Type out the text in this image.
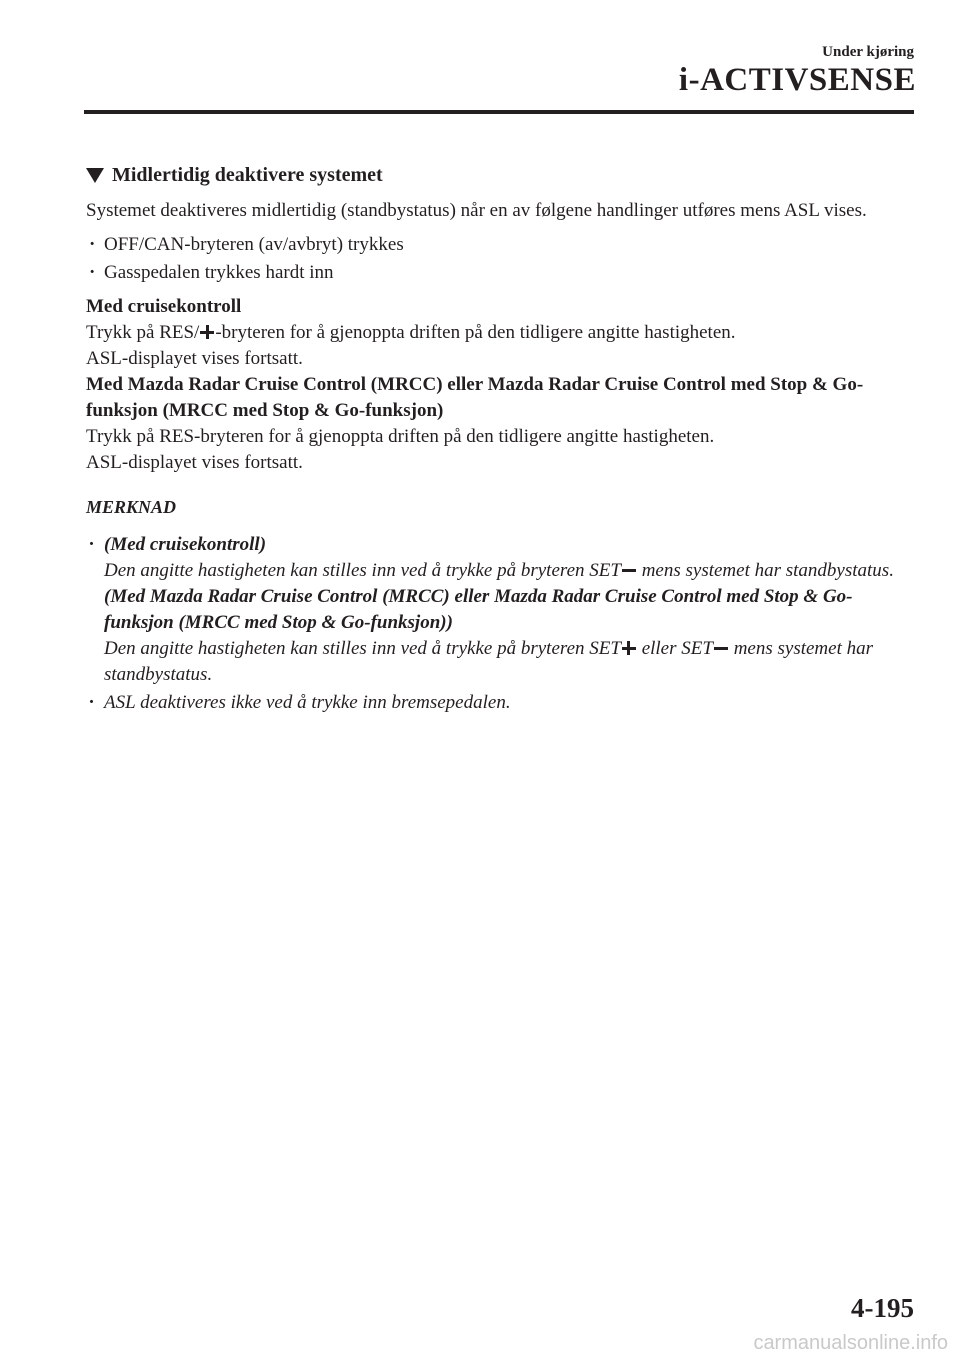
Under kjøring
i-ACTIVSENSE
Midlertidig deaktivere systemet

Systemet deaktiveres midlertidig (standbystatus) når en av følgene handlinger utføres mens ASL vises.

· OFF/CAN-bryteren (av/avbryt) trykkes
· Gasspedalen trykkes hardt inn

Med cruisekontroll

Trykk på RES/ -bryteren for å gjenoppta driften på den tidligere angitte hastigheten.

ASL-displayet vises fortsatt.

Med Mazda Radar Cruise Control (MRCC) eller Mazda Radar Cruise Control med Stop & Go-funksjon (MRCC med Stop & Go-funksjon)

Trykk på RES-bryteren for å gjenoppta driften på den tidligere angitte hastigheten.

ASL-displayet vises fortsatt.

MERKNAD
· (Med cruisekontroll)
Den angitte hastigheten kan stilles inn ved å trykke på bryteren SET mens systemet har standbystatus.
(Med Mazda Radar Cruise Control (MRCC) eller Mazda Radar Cruise Control med Stop & Go-funksjon (MRCC med Stop & Go-funksjon))
Den angitte hastigheten kan stilles inn ved å trykke på bryteren SET eller SET mens systemet har standbystatus.
· ASL deaktiveres ikke ved å trykke inn bremsepedalen.
4-195
carmanualsonline.info
